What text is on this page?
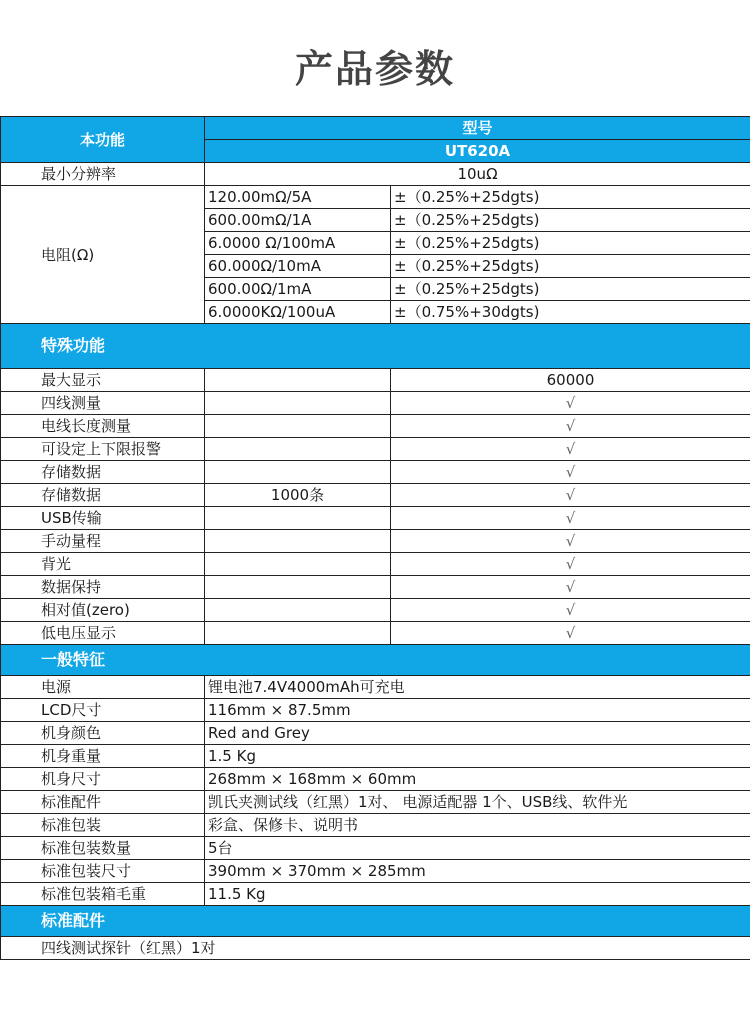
产品参数
本功能	型号	
	UT620A	
最小分辨率	10uΩ	
电阻(Ω)	120.00mΩ/5A	±（0.25%+25dgts)
	600.00mΩ/1A	±（0.25%+25dgts)
	6.0000 Ω/100mA	±（0.25%+25dgts)
	60.000Ω/10mA	±（0.25%+25dgts)
	600.00Ω/1mA	±（0.25%+25dgts)
	6.0000KΩ/100uA	±（0.75%+30dgts)
特殊功能		
最大显示		60000
四线测量		√
电线长度测量		√
可设定上下限报警		√
存储数据		√
存储数据	1000条	√
USB传输		√
手动量程		√
背光		√
数据保持		√
相对值(zero)		√
低电压显示		√
一般特征		
电源	锂电池7.4V4000mAh可充电	
LCD尺寸	116mm × 87.5mm	
机身颜色	Red and Grey	
机身重量	1.5 Kg	
机身尺寸	268mm × 168mm × 60mm	
标准配件	凯氏夹测试线（红黑）1对、 电源适配器 1个、USB线、软件光	
标准包装	彩盒、保修卡、说明书	
标准包装数量	5台	
标准包装尺寸	390mm × 370mm × 285mm	
标准包装箱毛重	11.5 Kg	
标准配件		
四线测试探针（红黑）1对		
